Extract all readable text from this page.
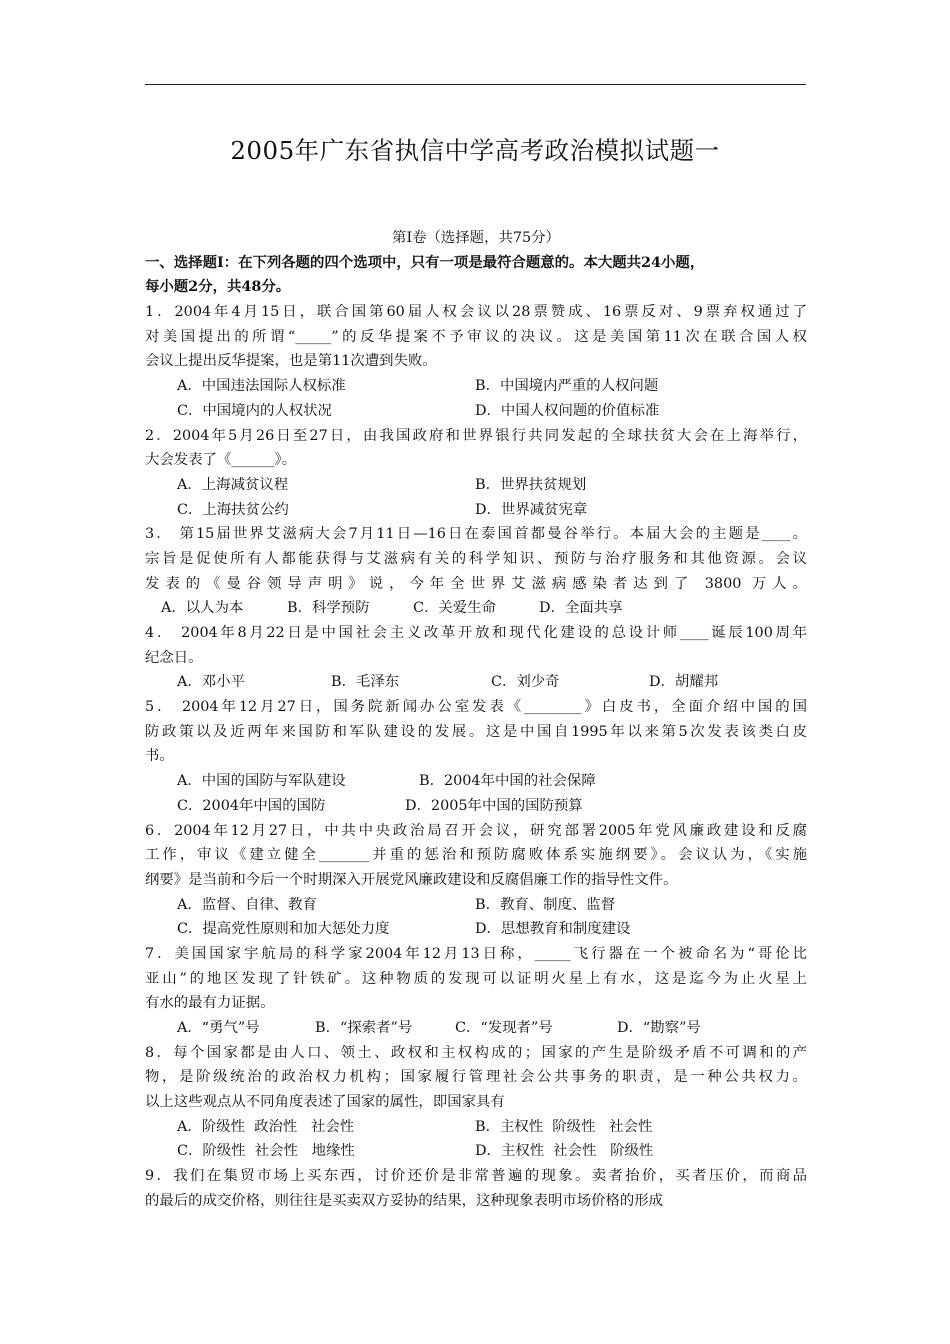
2005年广东省执信中学高考政治模拟试题一
第Ⅰ卷（选择题，共75分）
一、选择题Ⅰ：在下列各题的四个选项中，只有一项是最符合题意的。本大题共24小题，
每小题2分，共48分。
1．2004年4月15日，联合国第60届人权会议以28票赞成、16票反对、9票弃权通过了
对美国提出的所谓“_____”的反华提案不予审议的决议。这是美国第11次在联合国人权
会议上提出反华提案，也是第11次遭到失败。
A．中国违法国际人权标准	B．中国境内严重的人权问题
C．中国境内的人权状况	D．中国人权问题的价值标准
2．2004年5月26日至27日，由我国政府和世界银行共同发起的全球扶贫大会在上海举行，
大会发表了《______》。
A．上海减贫议程	B．世界扶贫规划
C．上海扶贫公约	D．世界减贫宪章
3． 第15届世界艾滋病大会7月11日—16日在泰国首都曼谷举行。本届大会的主题是____。
宗旨是促使所有人都能获得与艾滋病有关的科学知识、预防与治疗服务和其他资源。会议
发表的《曼谷领导声明》说，今年全世界艾滋病感染者达到了 3800 万人。
A．以人为本	B．科学预防	C．关爱生命	D．全面共享
4． 2004年8月22日是中国社会主义改革开放和现代化建设的总设计师____诞辰100周年
纪念日。
A．邓小平	B．毛泽东	C．刘少奇	D．胡耀邦
5． 2004年12月27日，国务院新闻办公室发表《________》白皮书，全面介绍中国的国
防政策以及近两年来国防和军队建设的发展。这是中国自1995年以来第5次发表该类白皮
书。
A．中国的国防与军队建设	B．2004年中国的社会保障
C．2004年中国的国防	D．2005年中国的国防预算
6．2004年12月27日，中共中央政治局召开会议，研究部署2005年党风廉政建设和反腐
工作，审议《建立健全_______并重的惩治和预防腐败体系实施纲要》。会议认为，《实施
纲要》是当前和今后一个时期深入开展党风廉政建设和反腐倡廉工作的指导性文件。
A．监督、自律、教育	B．教育、制度、监督
C．提高党性原则和加大惩处力度	D．思想教育和制度建设
7．美国国家宇航局的科学家2004年12月13日称，_____飞行器在一个被命名为“哥伦比
亚山”的地区发现了针铁矿。这种物质的发现可以证明火星上有水，这是迄今为止火星上
有水的最有力证据。
A．“勇气”号	B．“探索者”号	C．“发现者”号	D．“勘察”号
8．每个国家都是由人口、领土、政权和主权构成的；国家的产生是阶级矛盾不可调和的产
物，是阶级统治的政治权力机构；国家履行管理社会公共事务的职责，是一种公共权力。
以上这些观点从不同角度表述了国家的属性，即国家具有
A．阶级性  政治性   社会性	B．主权性  阶级性   社会性
C．阶级性  社会性   地缘性	D．主权性  社会性   阶级性
9．我们在集贸市场上买东西，讨价还价是非常普遍的现象。卖者抬价，买者压价，而商品
的最后的成交价格，则往往是买卖双方妥协的结果，这种现象表明市场价格的形成
